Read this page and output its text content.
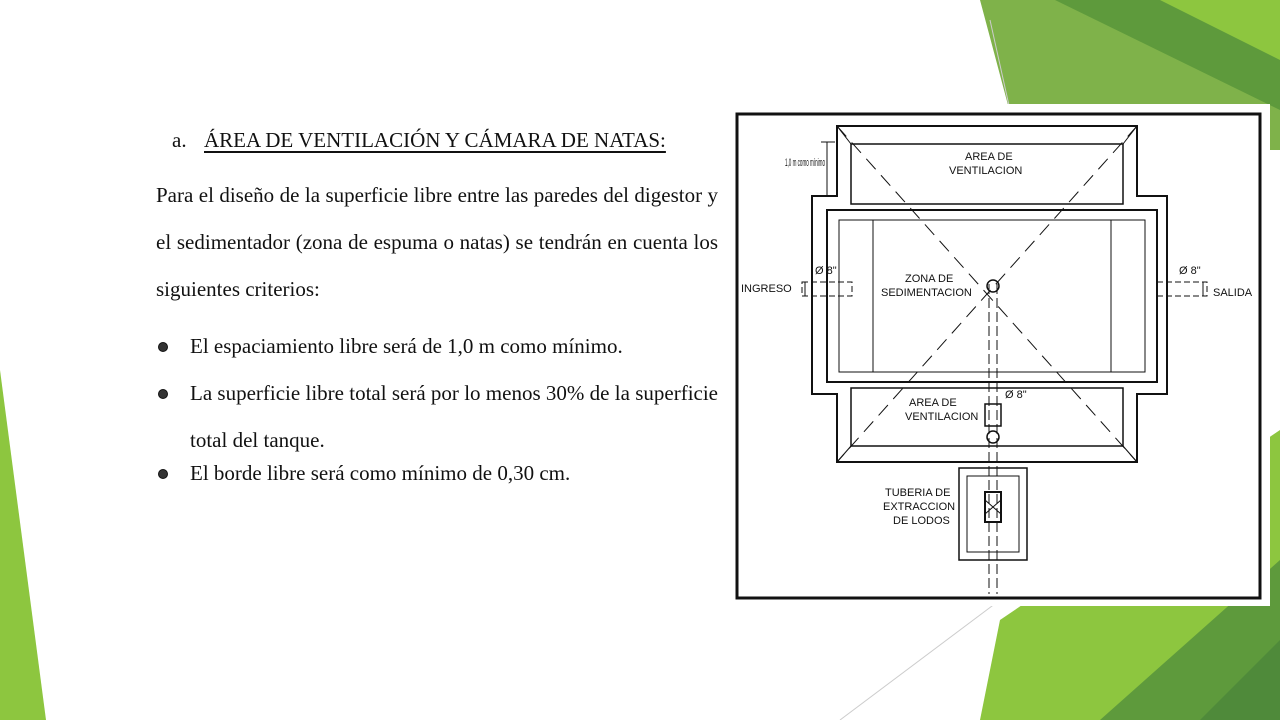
a. ÁREA DE VENTILACIÓN Y CÁMARA DE NATAS:
Para el diseño de la superficie libre entre las paredes del digestor y el sedimentador (zona de espuma o natas) se tendrán en cuenta los siguientes criterios:
El espaciamiento libre será de 1,0 m como mínimo.
La superficie libre total será por lo menos 30% de la superficie total del tanque.
El borde libre será como mínimo de 0,30 cm.
1,0 m como mínimo	AREA DE
VENTILACION
ZONA DE
SEDIMENTACION
AREA DE
VENTILACION
INGRESO	SALIDA
Ø 8"	Ø 8"
Ø 8"
TUBERIA DE
EXTRACCION
DE LODOS
